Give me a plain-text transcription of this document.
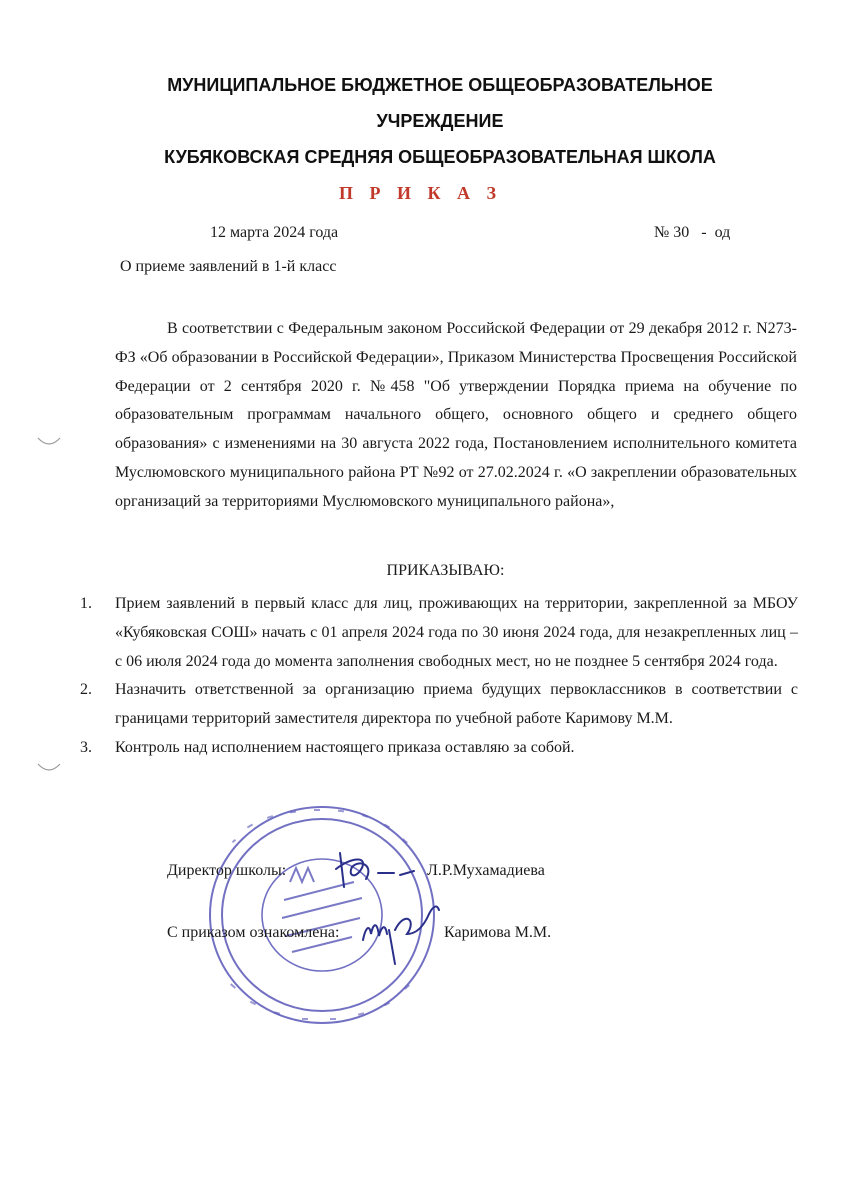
МУНИЦИПАЛЬНОЕ БЮДЖЕТНОЕ ОБЩЕОБРАЗОВАТЕЛЬНОЕ
УЧРЕЖДЕНИЕ
КУБЯКОВСКАЯ СРЕДНЯЯ ОБЩЕОБРАЗОВАТЕЛЬНАЯ ШКОЛА
П Р И К А З
12 марта 2024 года	№ 30   -  од
О приеме заявлений в 1-й класс
В соответствии с Федеральным законом Российской Федерации от 29 декабря 2012 г. N273-ФЗ «Об образовании в Российской Федерации», Приказом Министерства Просвещения Российской Федерации от 2 сентября 2020 г. №458 "Об утверждении Порядка приема на обучение по образовательным программам начального общего, основного общего и среднего общего образования» с изменениями на 30 августа 2022 года, Постановлением исполнительного комитета Муслюмовского муниципального района РТ №92 от 27.02.2024 г. «О закреплении образовательных организаций за территориями Муслюмовского муниципального района»,
ПРИКАЗЫВАЮ:
1. Прием заявлений в первый класс для лиц, проживающих на территории, закрепленной за МБОУ «Кубяковская СОШ» начать с 01 апреля 2024 года по 30 июня 2024 года, для незакрепленных лиц – с 06 июля 2024 года до момента заполнения свободных мест, но не позднее 5 сентября 2024 года.
2. Назначить ответственной за организацию приема будущих первоклассников в соответствии с границами территорий заместителя директора по учебной работе Каримову М.М.
3. Контроль над исполнением настоящего приказа оставляю за собой.
Директор школы:	Л.Р.Мухамадиева
С приказом ознакомлена:	Каримова М.М.
